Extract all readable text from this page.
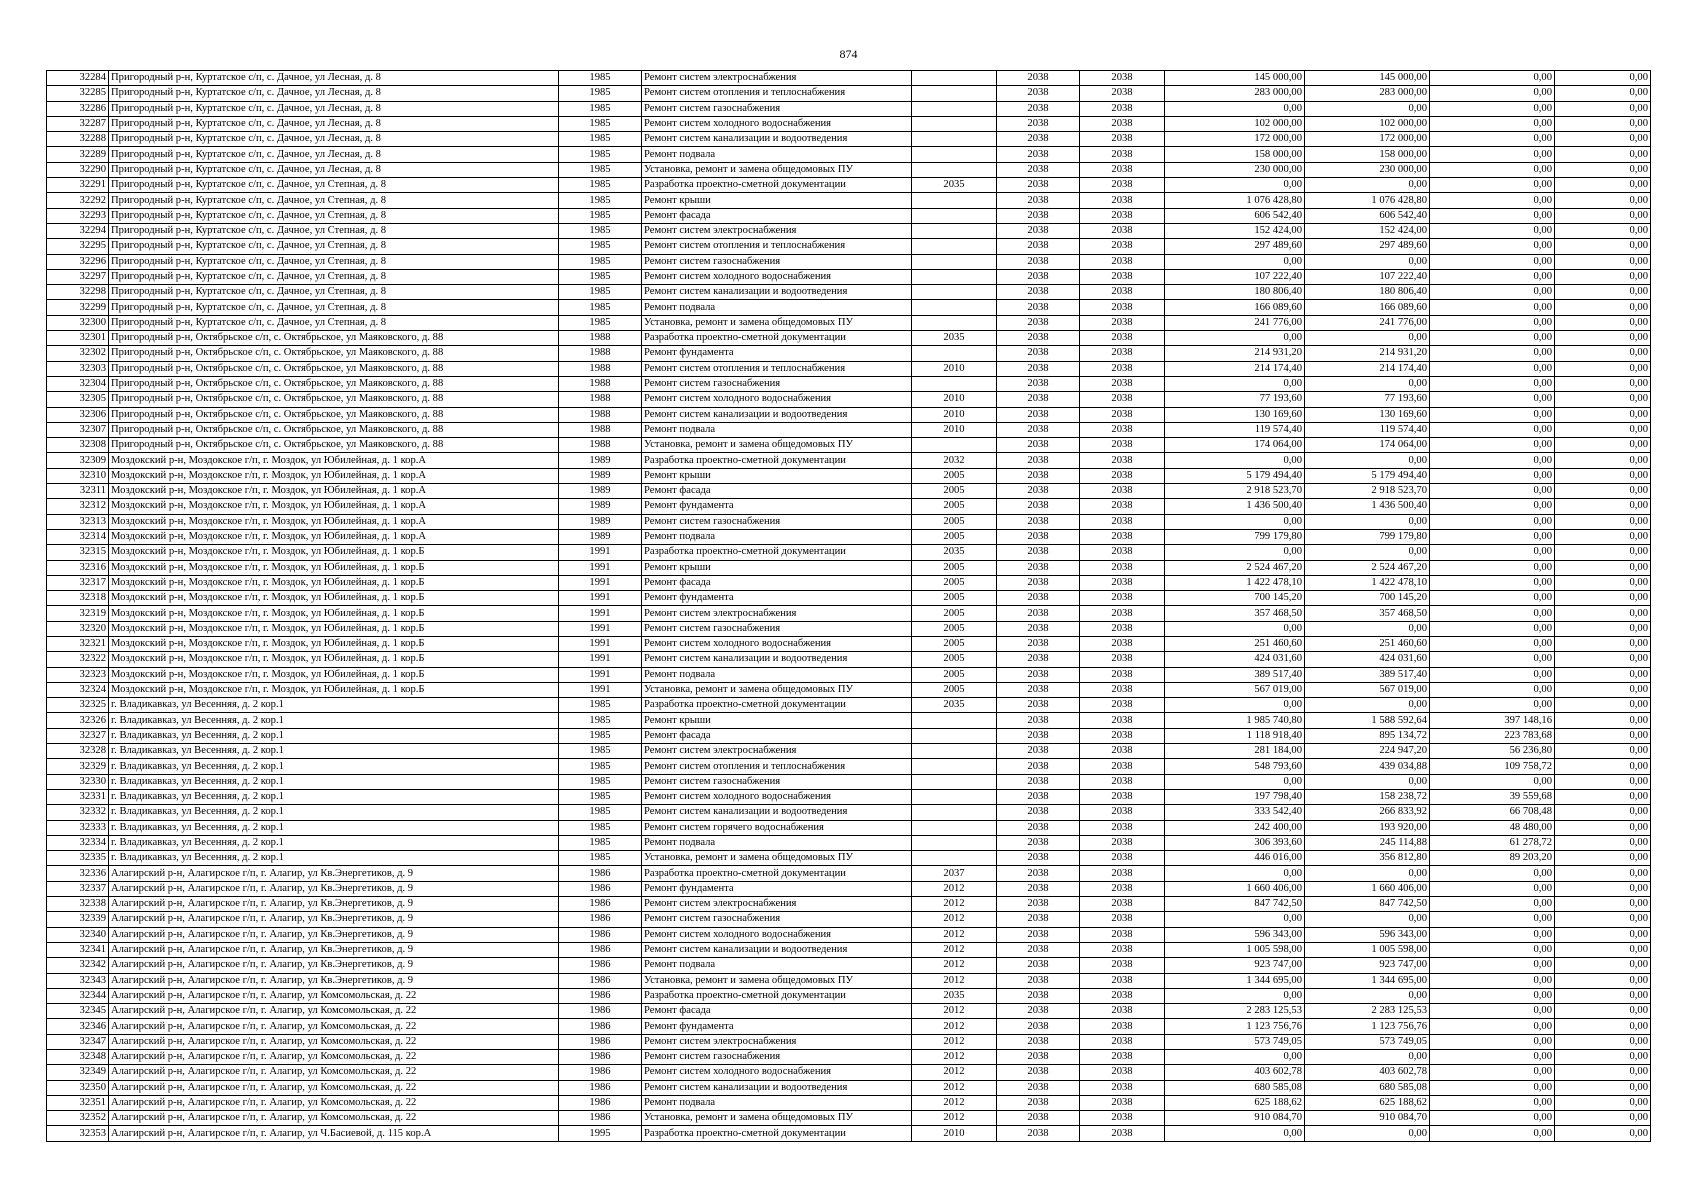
874
32284	Пригородный р-н, Куртатское с/п, с. Дачное, ул Лесная, д. 8	1985	Ремонт систем электроснабжения		2038	2038	145 000,00	145 000,00	0,00	0,00
32285	Пригородный р-н, Куртатское с/п, с. Дачное, ул Лесная, д. 8	1985	Ремонт систем отопления и теплоснабжения		2038	2038	283 000,00	283 000,00	0,00	0,00
32286	Пригородный р-н, Куртатское с/п, с. Дачное, ул Лесная, д. 8	1985	Ремонт систем газоснабжения		2038	2038	0,00	0,00	0,00	0,00
32287	Пригородный р-н, Куртатское с/п, с. Дачное, ул Лесная, д. 8	1985	Ремонт систем холодного водоснабжения		2038	2038	102 000,00	102 000,00	0,00	0,00
32288	Пригородный р-н, Куртатское с/п, с. Дачное, ул Лесная, д. 8	1985	Ремонт систем канализации и водоотведения		2038	2038	172 000,00	172 000,00	0,00	0,00
32289	Пригородный р-н, Куртатское с/п, с. Дачное, ул Лесная, д. 8	1985	Ремонт подвала		2038	2038	158 000,00	158 000,00	0,00	0,00
32290	Пригородный р-н, Куртатское с/п, с. Дачное, ул Лесная, д. 8	1985	Установка, ремонт и замена общедомовых ПУ		2038	2038	230 000,00	230 000,00	0,00	0,00
32291	Пригородный р-н, Куртатское с/п, с. Дачное, ул Степная, д. 8	1985	Разработка проектно-сметной документации	2035	2038	2038	0,00	0,00	0,00	0,00
32292	Пригородный р-н, Куртатское с/п, с. Дачное, ул Степная, д. 8	1985	Ремонт крыши		2038	2038	1 076 428,80	1 076 428,80	0,00	0,00
32293	Пригородный р-н, Куртатское с/п, с. Дачное, ул Степная, д. 8	1985	Ремонт фасада		2038	2038	606 542,40	606 542,40	0,00	0,00
32294	Пригородный р-н, Куртатское с/п, с. Дачное, ул Степная, д. 8	1985	Ремонт систем электроснабжения		2038	2038	152 424,00	152 424,00	0,00	0,00
32295	Пригородный р-н, Куртатское с/п, с. Дачное, ул Степная, д. 8	1985	Ремонт систем отопления и теплоснабжения		2038	2038	297 489,60	297 489,60	0,00	0,00
32296	Пригородный р-н, Куртатское с/п, с. Дачное, ул Степная, д. 8	1985	Ремонт систем газоснабжения		2038	2038	0,00	0,00	0,00	0,00
32297	Пригородный р-н, Куртатское с/п, с. Дачное, ул Степная, д. 8	1985	Ремонт систем холодного водоснабжения		2038	2038	107 222,40	107 222,40	0,00	0,00
32298	Пригородный р-н, Куртатское с/п, с. Дачное, ул Степная, д. 8	1985	Ремонт систем канализации и водоотведения		2038	2038	180 806,40	180 806,40	0,00	0,00
32299	Пригородный р-н, Куртатское с/п, с. Дачное, ул Степная, д. 8	1985	Ремонт подвала		2038	2038	166 089,60	166 089,60	0,00	0,00
32300	Пригородный р-н, Куртатское с/п, с. Дачное, ул Степная, д. 8	1985	Установка, ремонт и замена общедомовых ПУ		2038	2038	241 776,00	241 776,00	0,00	0,00
32301	Пригородный р-н, Октябрьское с/п, с. Октябрьское, ул Маяковского, д. 88	1988	Разработка проектно-сметной документации	2035	2038	2038	0,00	0,00	0,00	0,00
32302	Пригородный р-н, Октябрьское с/п, с. Октябрьское, ул Маяковского, д. 88	1988	Ремонт фундамента		2038	2038	214 931,20	214 931,20	0,00	0,00
32303	Пригородный р-н, Октябрьское с/п, с. Октябрьское, ул Маяковского, д. 88	1988	Ремонт систем отопления и теплоснабжения	2010	2038	2038	214 174,40	214 174,40	0,00	0,00
32304	Пригородный р-н, Октябрьское с/п, с. Октябрьское, ул Маяковского, д. 88	1988	Ремонт систем газоснабжения		2038	2038	0,00	0,00	0,00	0,00
32305	Пригородный р-н, Октябрьское с/п, с. Октябрьское, ул Маяковского, д. 88	1988	Ремонт систем холодного водоснабжения	2010	2038	2038	77 193,60	77 193,60	0,00	0,00
32306	Пригородный р-н, Октябрьское с/п, с. Октябрьское, ул Маяковского, д. 88	1988	Ремонт систем канализации и водоотведения	2010	2038	2038	130 169,60	130 169,60	0,00	0,00
32307	Пригородный р-н, Октябрьское с/п, с. Октябрьское, ул Маяковского, д. 88	1988	Ремонт подвала	2010	2038	2038	119 574,40	119 574,40	0,00	0,00
32308	Пригородный р-н, Октябрьское с/п, с. Октябрьское, ул Маяковского, д. 88	1988	Установка, ремонт и замена общедомовых ПУ		2038	2038	174 064,00	174 064,00	0,00	0,00
32309	Моздокский р-н, Моздокское г/п, г. Моздок, ул Юбилейная, д. 1 кор.А	1989	Разработка проектно-сметной документации	2032	2038	2038	0,00	0,00	0,00	0,00
32310	Моздокский р-н, Моздокское г/п, г. Моздок, ул Юбилейная, д. 1 кор.А	1989	Ремонт крыши	2005	2038	2038	5 179 494,40	5 179 494,40	0,00	0,00
32311	Моздокский р-н, Моздокское г/п, г. Моздок, ул Юбилейная, д. 1 кор.А	1989	Ремонт фасада	2005	2038	2038	2 918 523,70	2 918 523,70	0,00	0,00
32312	Моздокский р-н, Моздокское г/п, г. Моздок, ул Юбилейная, д. 1 кор.А	1989	Ремонт фундамента	2005	2038	2038	1 436 500,40	1 436 500,40	0,00	0,00
32313	Моздокский р-н, Моздокское г/п, г. Моздок, ул Юбилейная, д. 1 кор.А	1989	Ремонт систем газоснабжения	2005	2038	2038	0,00	0,00	0,00	0,00
32314	Моздокский р-н, Моздокское г/п, г. Моздок, ул Юбилейная, д. 1 кор.А	1989	Ремонт подвала	2005	2038	2038	799 179,80	799 179,80	0,00	0,00
32315	Моздокский р-н, Моздокское г/п, г. Моздок, ул Юбилейная, д. 1 кор.Б	1991	Разработка проектно-сметной документации	2035	2038	2038	0,00	0,00	0,00	0,00
32316	Моздокский р-н, Моздокское г/п, г. Моздок, ул Юбилейная, д. 1 кор.Б	1991	Ремонт крыши	2005	2038	2038	2 524 467,20	2 524 467,20	0,00	0,00
32317	Моздокский р-н, Моздокское г/п, г. Моздок, ул Юбилейная, д. 1 кор.Б	1991	Ремонт фасада	2005	2038	2038	1 422 478,10	1 422 478,10	0,00	0,00
32318	Моздокский р-н, Моздокское г/п, г. Моздок, ул Юбилейная, д. 1 кор.Б	1991	Ремонт фундамента	2005	2038	2038	700 145,20	700 145,20	0,00	0,00
32319	Моздокский р-н, Моздокское г/п, г. Моздок, ул Юбилейная, д. 1 кор.Б	1991	Ремонт систем электроснабжения	2005	2038	2038	357 468,50	357 468,50	0,00	0,00
32320	Моздокский р-н, Моздокское г/п, г. Моздок, ул Юбилейная, д. 1 кор.Б	1991	Ремонт систем газоснабжения	2005	2038	2038	0,00	0,00	0,00	0,00
32321	Моздокский р-н, Моздокское г/п, г. Моздок, ул Юбилейная, д. 1 кор.Б	1991	Ремонт систем холодного водоснабжения	2005	2038	2038	251 460,60	251 460,60	0,00	0,00
32322	Моздокский р-н, Моздокское г/п, г. Моздок, ул Юбилейная, д. 1 кор.Б	1991	Ремонт систем канализации и водоотведения	2005	2038	2038	424 031,60	424 031,60	0,00	0,00
32323	Моздокский р-н, Моздокское г/п, г. Моздок, ул Юбилейная, д. 1 кор.Б	1991	Ремонт подвала	2005	2038	2038	389 517,40	389 517,40	0,00	0,00
32324	Моздокский р-н, Моздокское г/п, г. Моздок, ул Юбилейная, д. 1 кор.Б	1991	Установка, ремонт и замена общедомовых ПУ	2005	2038	2038	567 019,00	567 019,00	0,00	0,00
32325	г. Владикавказ, ул Весенняя, д. 2 кор.1	1985	Разработка проектно-сметной документации	2035	2038	2038	0,00	0,00	0,00	0,00
32326	г. Владикавказ, ул Весенняя, д. 2 кор.1	1985	Ремонт крыши		2038	2038	1 985 740,80	1 588 592,64	397 148,16	0,00
32327	г. Владикавказ, ул Весенняя, д. 2 кор.1	1985	Ремонт фасада		2038	2038	1 118 918,40	895 134,72	223 783,68	0,00
32328	г. Владикавказ, ул Весенняя, д. 2 кор.1	1985	Ремонт систем электроснабжения		2038	2038	281 184,00	224 947,20	56 236,80	0,00
32329	г. Владикавказ, ул Весенняя, д. 2 кор.1	1985	Ремонт систем отопления и теплоснабжения		2038	2038	548 793,60	439 034,88	109 758,72	0,00
32330	г. Владикавказ, ул Весенняя, д. 2 кор.1	1985	Ремонт систем газоснабжения		2038	2038	0,00	0,00	0,00	0,00
32331	г. Владикавказ, ул Весенняя, д. 2 кор.1	1985	Ремонт систем холодного водоснабжения		2038	2038	197 798,40	158 238,72	39 559,68	0,00
32332	г. Владикавказ, ул Весенняя, д. 2 кор.1	1985	Ремонт систем канализации и водоотведения		2038	2038	333 542,40	266 833,92	66 708,48	0,00
32333	г. Владикавказ, ул Весенняя, д. 2 кор.1	1985	Ремонт систем горячего водоснабжения		2038	2038	242 400,00	193 920,00	48 480,00	0,00
32334	г. Владикавказ, ул Весенняя, д. 2 кор.1	1985	Ремонт подвала		2038	2038	306 393,60	245 114,88	61 278,72	0,00
32335	г. Владикавказ, ул Весенняя, д. 2 кор.1	1985	Установка, ремонт и замена общедомовых ПУ		2038	2038	446 016,00	356 812,80	89 203,20	0,00
32336	Алагирский р-н, Алагирское г/п, г. Алагир, ул Кв.Энергетиков, д. 9	1986	Разработка проектно-сметной документации	2037	2038	2038	0,00	0,00	0,00	0,00
32337	Алагирский р-н, Алагирское г/п, г. Алагир, ул Кв.Энергетиков, д. 9	1986	Ремонт фундамента	2012	2038	2038	1 660 406,00	1 660 406,00	0,00	0,00
32338	Алагирский р-н, Алагирское г/п, г. Алагир, ул Кв.Энергетиков, д. 9	1986	Ремонт систем электроснабжения	2012	2038	2038	847 742,50	847 742,50	0,00	0,00
32339	Алагирский р-н, Алагирское г/п, г. Алагир, ул Кв.Энергетиков, д. 9	1986	Ремонт систем газоснабжения	2012	2038	2038	0,00	0,00	0,00	0,00
32340	Алагирский р-н, Алагирское г/п, г. Алагир, ул Кв.Энергетиков, д. 9	1986	Ремонт систем холодного водоснабжения	2012	2038	2038	596 343,00	596 343,00	0,00	0,00
32341	Алагирский р-н, Алагирское г/п, г. Алагир, ул Кв.Энергетиков, д. 9	1986	Ремонт систем канализации и водоотведения	2012	2038	2038	1 005 598,00	1 005 598,00	0,00	0,00
32342	Алагирский р-н, Алагирское г/п, г. Алагир, ул Кв.Энергетиков, д. 9	1986	Ремонт подвала	2012	2038	2038	923 747,00	923 747,00	0,00	0,00
32343	Алагирский р-н, Алагирское г/п, г. Алагир, ул Кв.Энергетиков, д. 9	1986	Установка, ремонт и замена общедомовых ПУ	2012	2038	2038	1 344 695,00	1 344 695,00	0,00	0,00
32344	Алагирский р-н, Алагирское г/п, г. Алагир, ул Комсомольская, д. 22	1986	Разработка проектно-сметной документации	2035	2038	2038	0,00	0,00	0,00	0,00
32345	Алагирский р-н, Алагирское г/п, г. Алагир, ул Комсомольская, д. 22	1986	Ремонт фасада	2012	2038	2038	2 283 125,53	2 283 125,53	0,00	0,00
32346	Алагирский р-н, Алагирское г/п, г. Алагир, ул Комсомольская, д. 22	1986	Ремонт фундамента	2012	2038	2038	1 123 756,76	1 123 756,76	0,00	0,00
32347	Алагирский р-н, Алагирское г/п, г. Алагир, ул Комсомольская, д. 22	1986	Ремонт систем электроснабжения	2012	2038	2038	573 749,05	573 749,05	0,00	0,00
32348	Алагирский р-н, Алагирское г/п, г. Алагир, ул Комсомольская, д. 22	1986	Ремонт систем газоснабжения	2012	2038	2038	0,00	0,00	0,00	0,00
32349	Алагирский р-н, Алагирское г/п, г. Алагир, ул Комсомольская, д. 22	1986	Ремонт систем холодного водоснабжения	2012	2038	2038	403 602,78	403 602,78	0,00	0,00
32350	Алагирский р-н, Алагирское г/п, г. Алагир, ул Комсомольская, д. 22	1986	Ремонт систем канализации и водоотведения	2012	2038	2038	680 585,08	680 585,08	0,00	0,00
32351	Алагирский р-н, Алагирское г/п, г. Алагир, ул Комсомольская, д. 22	1986	Ремонт подвала	2012	2038	2038	625 188,62	625 188,62	0,00	0,00
32352	Алагирский р-н, Алагирское г/п, г. Алагир, ул Комсомольская, д. 22	1986	Установка, ремонт и замена общедомовых ПУ	2012	2038	2038	910 084,70	910 084,70	0,00	0,00
32353	Алагирский р-н, Алагирское г/п, г. Алагир, ул Ч.Басиевой, д. 115 кор.А	1995	Разработка проектно-сметной документации	2010	2038	2038	0,00	0,00	0,00	0,00
